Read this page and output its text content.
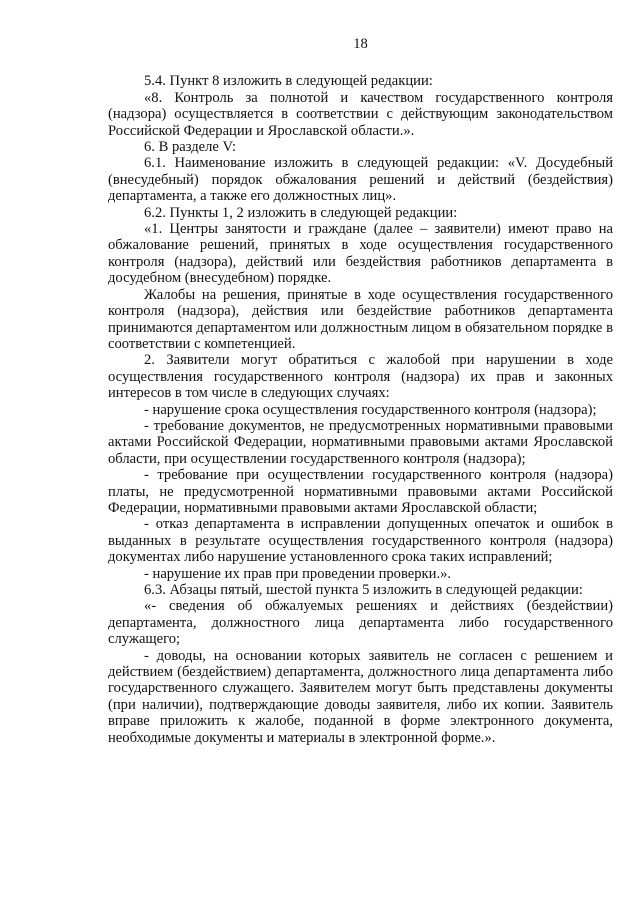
18

5.4. Пункт 8 изложить в следующей редакции:

«8. Контроль за полнотой и качеством государственного контроля (надзора) осуществляется в соответствии с действующим законодательством Российской Федерации и Ярославской области.».

6. В разделе V:

6.1. Наименование изложить в следующей редакции: «V. Досудебный (внесудебный) порядок обжалования решений и действий (бездействия) департамента, а также его должностных лиц».

6.2. Пункты 1, 2 изложить в следующей редакции:

«1. Центры занятости и граждане (далее – заявители) имеют право на обжалование решений, принятых в ходе осуществления государственного контроля (надзора), действий или бездействия работников департамента в досудебном (внесудебном) порядке.

Жалобы на решения, принятые в ходе осуществления государственного контроля (надзора), действия или бездействие работников департамента принимаются департаментом или должностным лицом в обязательном порядке в соответствии с компетенцией.

2. Заявители могут обратиться с жалобой при нарушении в ходе осуществления государственного контроля (надзора) их прав и законных интересов в том числе в следующих случаях:

- нарушение срока осуществления государственного контроля (надзора);

- требование документов, не предусмотренных нормативными правовыми актами Российской Федерации, нормативными правовыми актами Ярославской области, при осуществлении государственного контроля (надзора);

- требование при осуществлении государственного контроля (надзора) платы, не предусмотренной нормативными правовыми актами Российской Федерации, нормативными правовыми актами Ярославской области;

- отказ департамента в исправлении допущенных опечаток и ошибок в выданных в результате осуществления государственного контроля (надзора) документах либо нарушение установленного срока таких исправлений;

- нарушение их прав при проведении проверки.».

6.3. Абзацы пятый, шестой пункта 5 изложить в следующей редакции:

«- сведения об обжалуемых решениях и действиях (бездействии) департамента, должностного лица департамента либо государственного служащего;

- доводы, на основании которых заявитель не согласен с решением и действием (бездействием) департамента, должностного лица департамента либо государственного служащего. Заявителем могут быть представлены документы (при наличии), подтверждающие доводы заявителя, либо их копии. Заявитель вправе приложить к жалобе, поданной в форме электронного документа, необходимые документы и материалы в электронной форме.».
